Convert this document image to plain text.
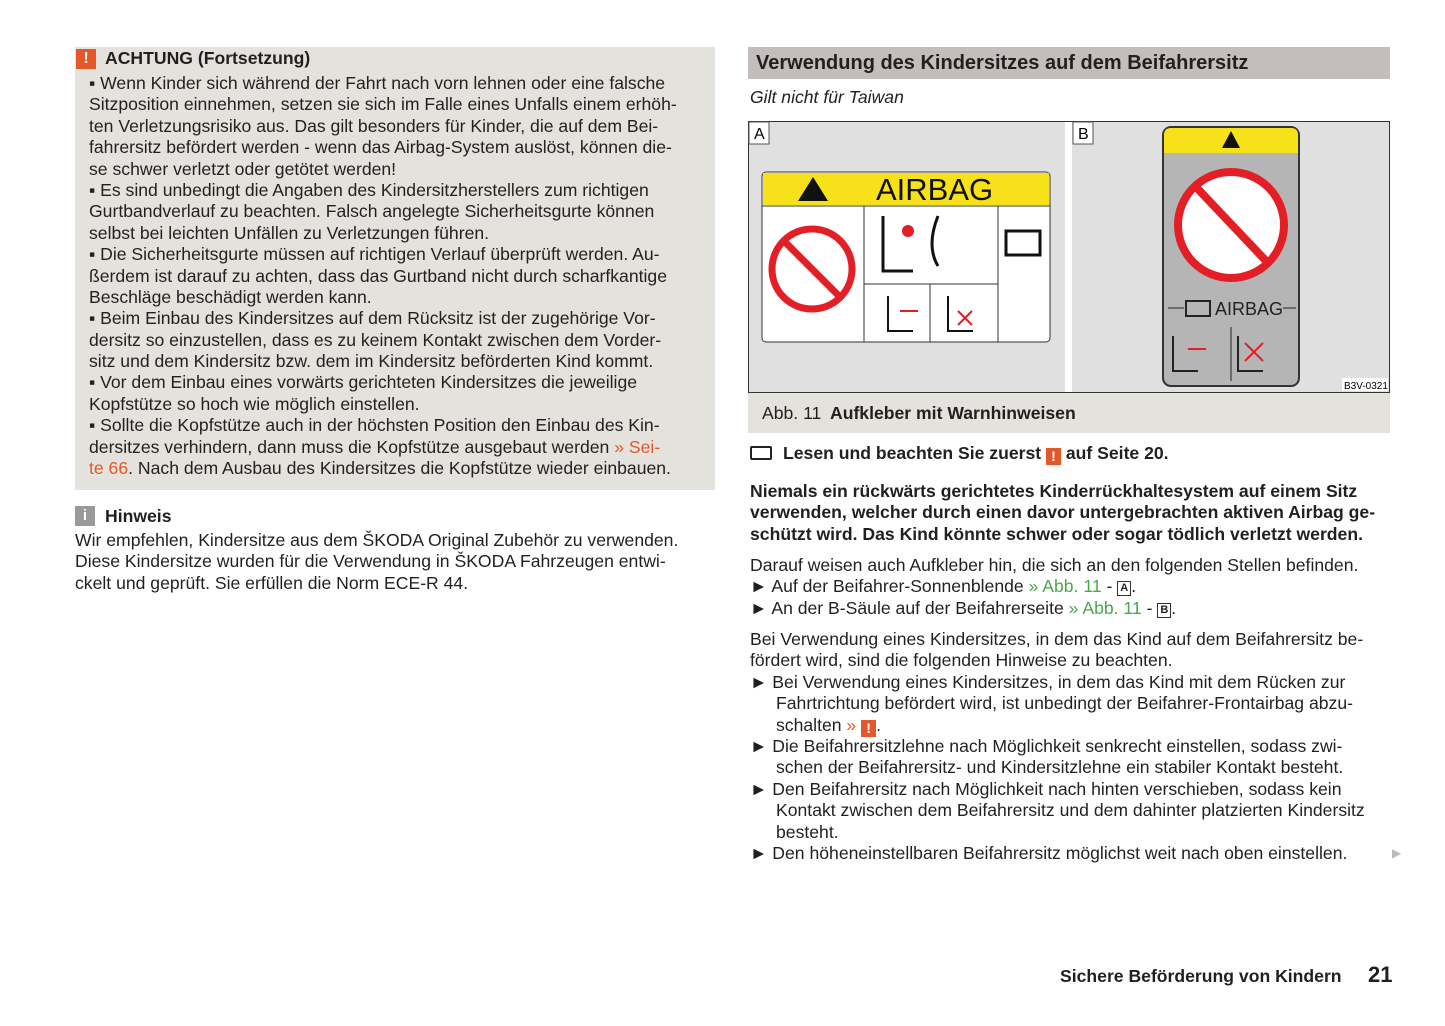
! ACHTUNG (Fortsetzung)
▪ Wenn Kinder sich während der Fahrt nach vorn lehnen oder eine falsche
Sitzposition einnehmen, setzen sie sich im Falle eines Unfalls einem erhöh-
ten Verletzungsrisiko aus. Das gilt besonders für Kinder, die auf dem Bei-
fahrersitz befördert werden - wenn das Airbag-System auslöst, können die-
se schwer verletzt oder getötet werden!
▪ Es sind unbedingt die Angaben des Kindersitzherstellers zum richtigen
Gurtbandverlauf zu beachten. Falsch angelegte Sicherheitsgurte können
selbst bei leichten Unfällen zu Verletzungen führen.
▪ Die Sicherheitsgurte müssen auf richtigen Verlauf überprüft werden. Au-
ßerdem ist darauf zu achten, dass das Gurtband nicht durch scharfkantige
Beschläge beschädigt werden kann.
▪ Beim Einbau des Kindersitzes auf dem Rücksitz ist der zugehörige Vor-
dersitz so einzustellen, dass es zu keinem Kontakt zwischen dem Vorder-
sitz und dem Kindersitz bzw. dem im Kindersitz beförderten Kind kommt.
▪ Vor dem Einbau eines vorwärts gerichteten Kindersitzes die jeweilige
Kopfstütze so hoch wie möglich einstellen.
▪ Sollte die Kopfstütze auch in der höchsten Position den Einbau des Kin-
dersitzes verhindern, dann muss die Kopfstütze ausgebaut werden » Sei-
te 66. Nach dem Ausbau des Kindersitzes die Kopfstütze wieder einbauen.
i	Hinweis
Wir empfehlen, Kindersitze aus dem ŠKODA Original Zubehör zu verwenden.
Diese Kindersitze wurden für die Verwendung in ŠKODA Fahrzeugen entwi-
ckelt und geprüft. Sie erfüllen die Norm ECE-R 44.
Verwendung des Kindersitzes auf dem Beifahrersitz
Gilt nicht für Taiwan
A	B
AIRBAG
AIRBAG
B3V-0321
Abb. 11 Aufkleber mit Warnhinweisen
Lesen und beachten Sie zuerst ! auf Seite 20.
Niemals ein rückwärts gerichtetes Kinderrückhaltesystem auf einem Sitz
verwenden, welcher durch einen davor untergebrachten aktiven Airbag ge-
schützt wird. Das Kind könnte schwer oder sogar tödlich verletzt werden.
Darauf weisen auch Aufkleber hin, die sich an den folgenden Stellen befinden.
► Auf der Beifahrer-Sonnenblende » Abb. 11 - A .
► An der B-Säule auf der Beifahrerseite » Abb. 11 - B .
Bei Verwendung eines Kindersitzes, in dem das Kind auf dem Beifahrersitz be-
fördert wird, sind die folgenden Hinweise zu beachten.
► Bei Verwendung eines Kindersitzes, in dem das Kind mit dem Rücken zur
Fahrtrichtung befördert wird, ist unbedingt der Beifahrer-Frontairbag abzu-
schalten » ! .
► Die Beifahrersitzlehne nach Möglichkeit senkrecht einstellen, sodass zwi-
schen der Beifahrersitz- und Kindersitzlehne ein stabiler Kontakt besteht.
► Den Beifahrersitz nach Möglichkeit nach hinten verschieben, sodass kein
Kontakt zwischen dem Beifahrersitz und dem dahinter platzierten Kindersitz
besteht.
► Den höheneinstellbaren Beifahrersitz möglichst weit nach oben einstellen.	▶
Sichere Beförderung von Kindern 21
